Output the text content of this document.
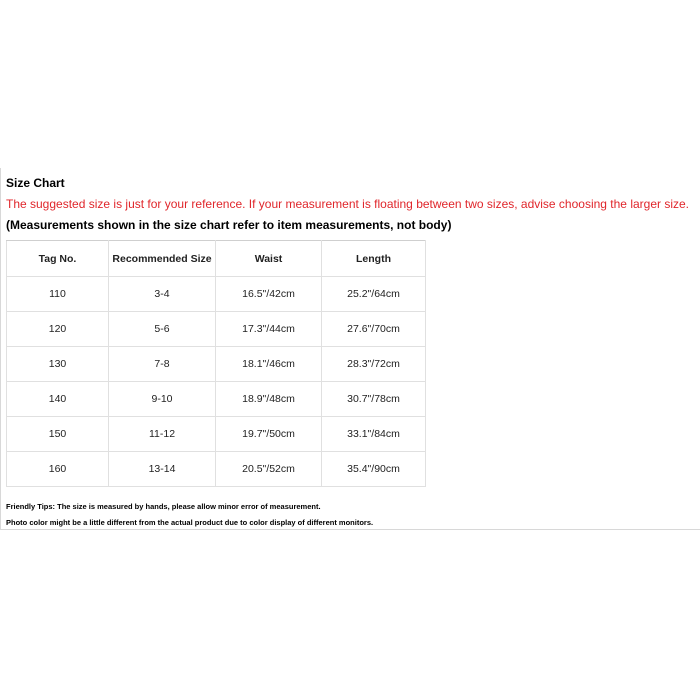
Size Chart
The suggested size is just for your reference. If your measurement is floating between two sizes, advise choosing the larger size.
(Measurements shown in the size chart refer to item measurements, not body)
Tag No.	Recommended Size	Waist	Length
110	3-4	16.5"/42cm	25.2"/64cm
120	5-6	17.3"/44cm	27.6"/70cm
130	7-8	18.1"/46cm	28.3"/72cm
140	9-10	18.9"/48cm	30.7"/78cm
150	11-12	19.7"/50cm	33.1"/84cm
160	13-14	20.5"/52cm	35.4"/90cm
Friendly Tips: The size is measured by hands, please allow minor error of measurement.
Photo color might be a little different from the actual product due to color display of different monitors.
